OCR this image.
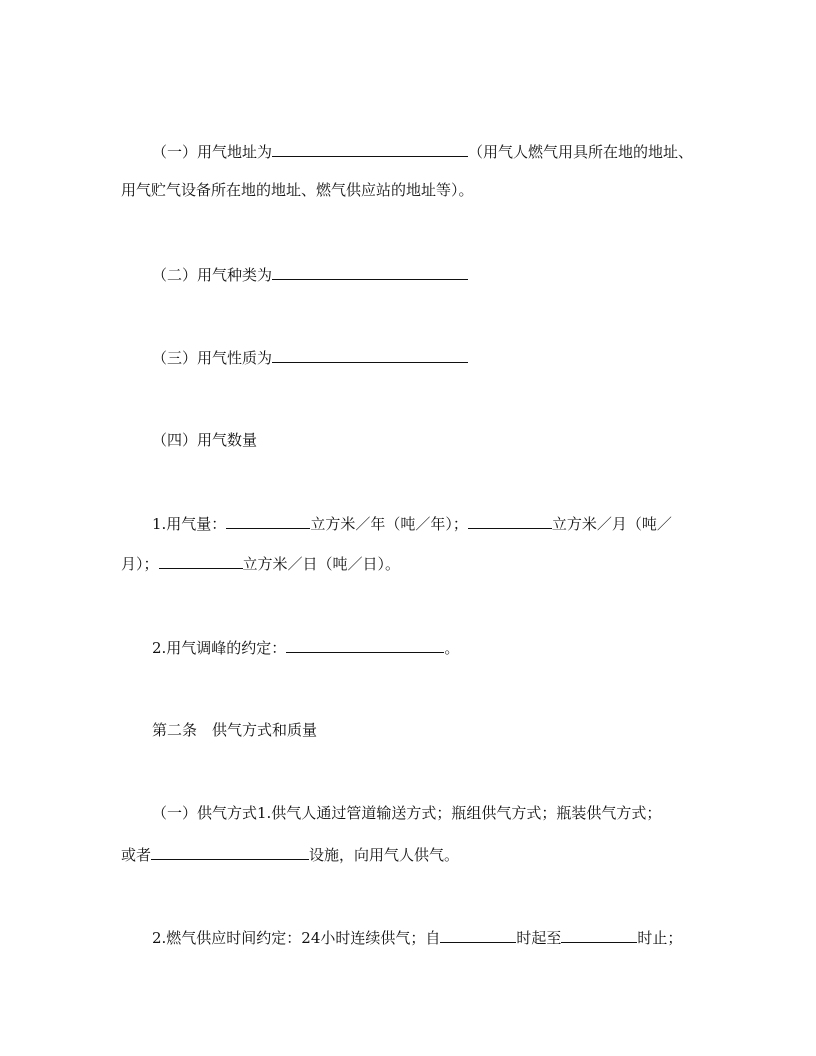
（一）用气地址为	（用气人燃气用具所在地的地址、
用气贮气设备所在地的地址、燃气供应站的地址等）。
（二）用气种类为
（三）用气性质为
（四）用气数量
1.用气量：	立方米／年（吨／年）；	立方米／月（吨／
月）；	立方米／日（吨／日）。
2.用气调峰的约定：	。
第二条　供气方式和质量
（一）供气方式1.供气人通过管道输送方式；瓶组供气方式；瓶装供气方式；
或者	设施，向用气人供气。
2.燃气供应时间约定：24小时连续供气；自	时起至	时止；
